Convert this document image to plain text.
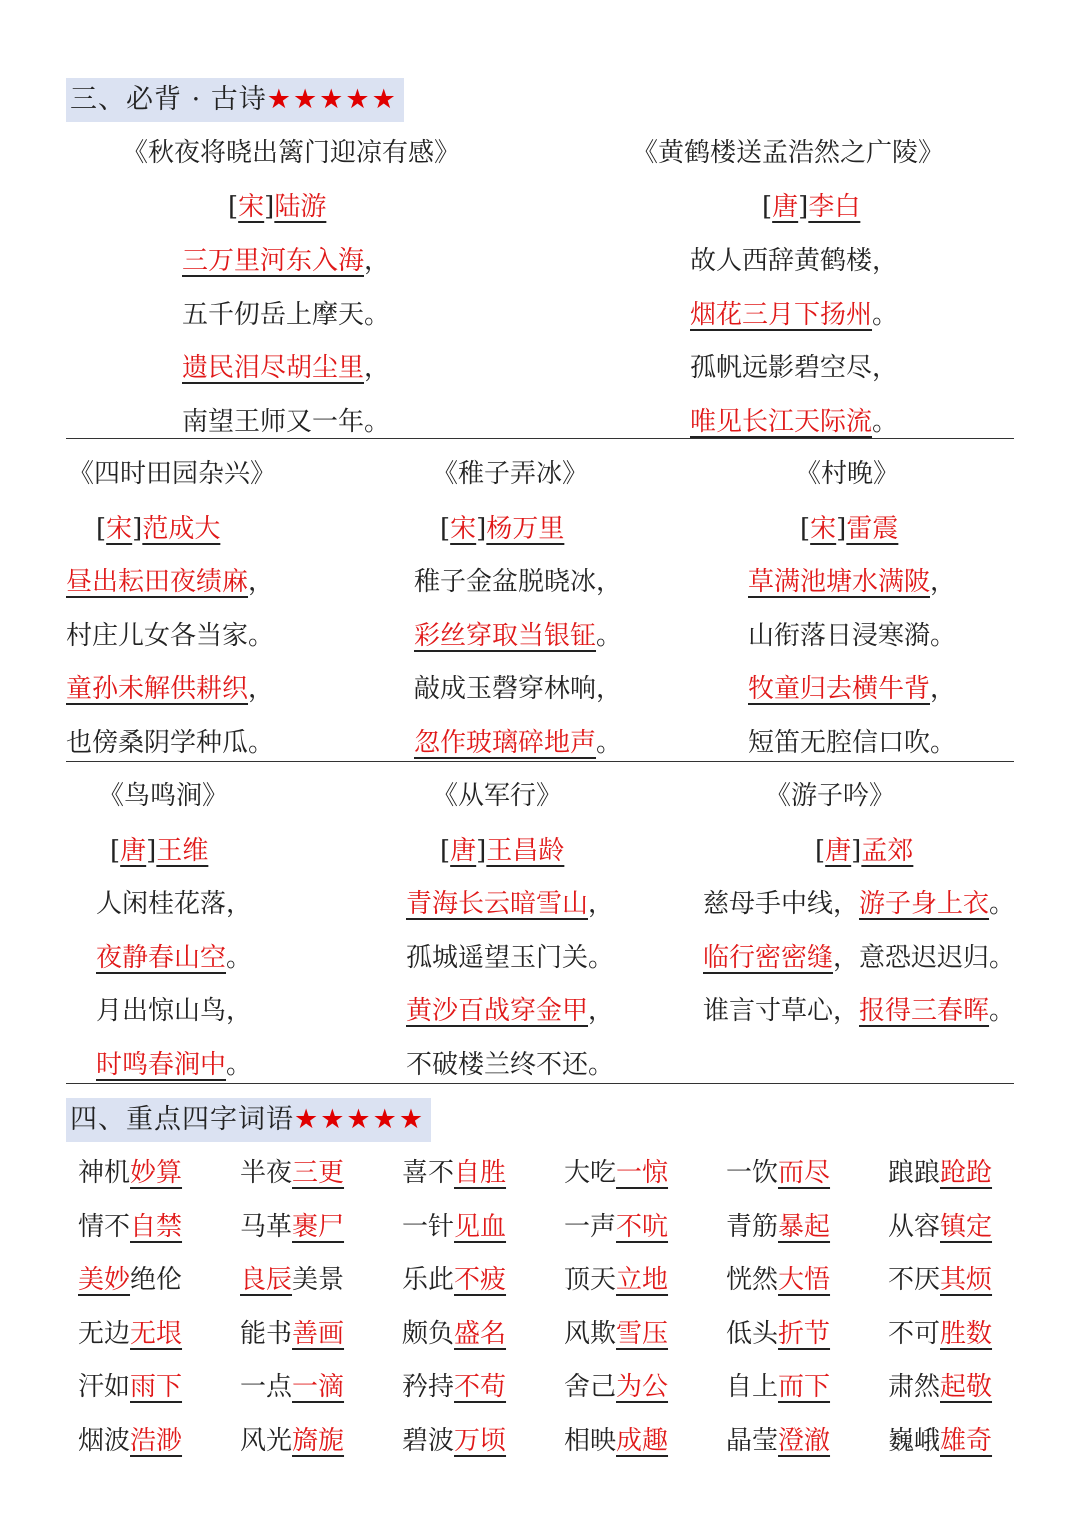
三、必背 · 古诗★★★★★
《秋夜将晓出篱门迎凉有感》
[宋]陆游
三万里河东入海，
五千仞岳上摩天。
遗民泪尽胡尘里，
南望王师又一年。
《黄鹤楼送孟浩然之广陵》
[唐]李白
故人西辞黄鹤楼，
烟花三月下扬州。
孤帆远影碧空尽，
唯见长江天际流。
《四时田园杂兴》
[宋]范成大
昼出耘田夜绩麻，
村庄儿女各当家。
童孙未解供耕织，
也傍桑阴学种瓜。
《稚子弄冰》
[宋]杨万里
稚子金盆脱晓冰，
彩丝穿取当银钲。
敲成玉磬穿林响，
忽作玻璃碎地声。
《村晚》
[宋]雷震
草满池塘水满陂，
山衔落日浸寒漪。
牧童归去横牛背，
短笛无腔信口吹。
《鸟鸣涧》
[唐]王维
人闲桂花落，
夜静春山空。
月出惊山鸟，
时鸣春涧中。
《从军行》
[唐]王昌龄
青海长云暗雪山，
孤城遥望玉门关。
黄沙百战穿金甲，
不破楼兰终不还。
《游子吟》
[唐]孟郊
慈母手中线，游子身上衣。
临行密密缝，意恐迟迟归。
谁言寸草心，报得三春晖。
四、重点四字词语★★★★★
神机妙算 半夜三更 喜不自胜 大吃一惊 一饮而尽 踉踉跄跄
情不自禁 马革裹尸 一针见血 一声不吭 青筋暴起 从容镇定
美妙绝伦 良辰美景 乐此不疲 顶天立地 恍然大悟 不厌其烦
无边无垠 能书善画 颇负盛名 风欺雪压 低头折节 不可胜数
汗如雨下 一点一滴 矜持不苟 舍己为公 自上而下 肃然起敬
烟波浩渺 风光旖旎 碧波万顷 相映成趣 晶莹澄澈 巍峨雄奇
